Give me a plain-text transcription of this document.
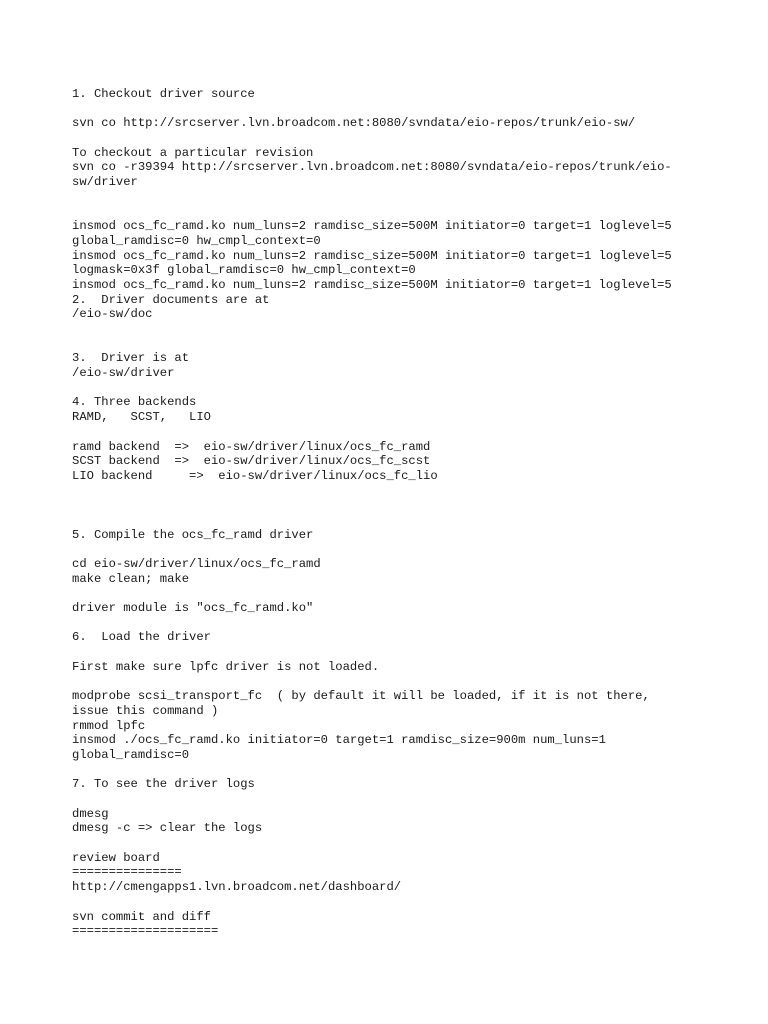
1. Checkout driver source
svn co http://srcserver.lvn.broadcom.net:8080/svndata/eio-repos/trunk/eio-sw/
To checkout a particular revision
svn co -r39394 http://srcserver.lvn.broadcom.net:8080/svndata/eio-repos/trunk/eio-
sw/driver
insmod ocs_fc_ramd.ko num_luns=2 ramdisc_size=500M initiator=0 target=1 loglevel=5
global_ramdisc=0 hw_cmpl_context=0
insmod ocs_fc_ramd.ko num_luns=2 ramdisc_size=500M initiator=0 target=1 loglevel=5
logmask=0x3f global_ramdisc=0 hw_cmpl_context=0
insmod ocs_fc_ramd.ko num_luns=2 ramdisc_size=500M initiator=0 target=1 loglevel=5
2.  Driver documents are at
/eio-sw/doc
3.  Driver is at
/eio-sw/driver
4. Three backends
RAMD,   SCST,   LIO
ramd backend  =>  eio-sw/driver/linux/ocs_fc_ramd
SCST backend  =>  eio-sw/driver/linux/ocs_fc_scst
LIO backend     =>  eio-sw/driver/linux/ocs_fc_lio
5. Compile the ocs_fc_ramd driver
cd eio-sw/driver/linux/ocs_fc_ramd
make clean; make
driver module is "ocs_fc_ramd.ko"
6.  Load the driver
First make sure lpfc driver is not loaded.
modprobe scsi_transport_fc  ( by default it will be loaded, if it is not there,
issue this command )
rmmod lpfc
insmod ./ocs_fc_ramd.ko initiator=0 target=1 ramdisc_size=900m num_luns=1
global_ramdisc=0
7. To see the driver logs
dmesg
dmesg -c => clear the logs
review board
===============
http://cmengapps1.lvn.broadcom.net/dashboard/
svn commit and diff
====================
